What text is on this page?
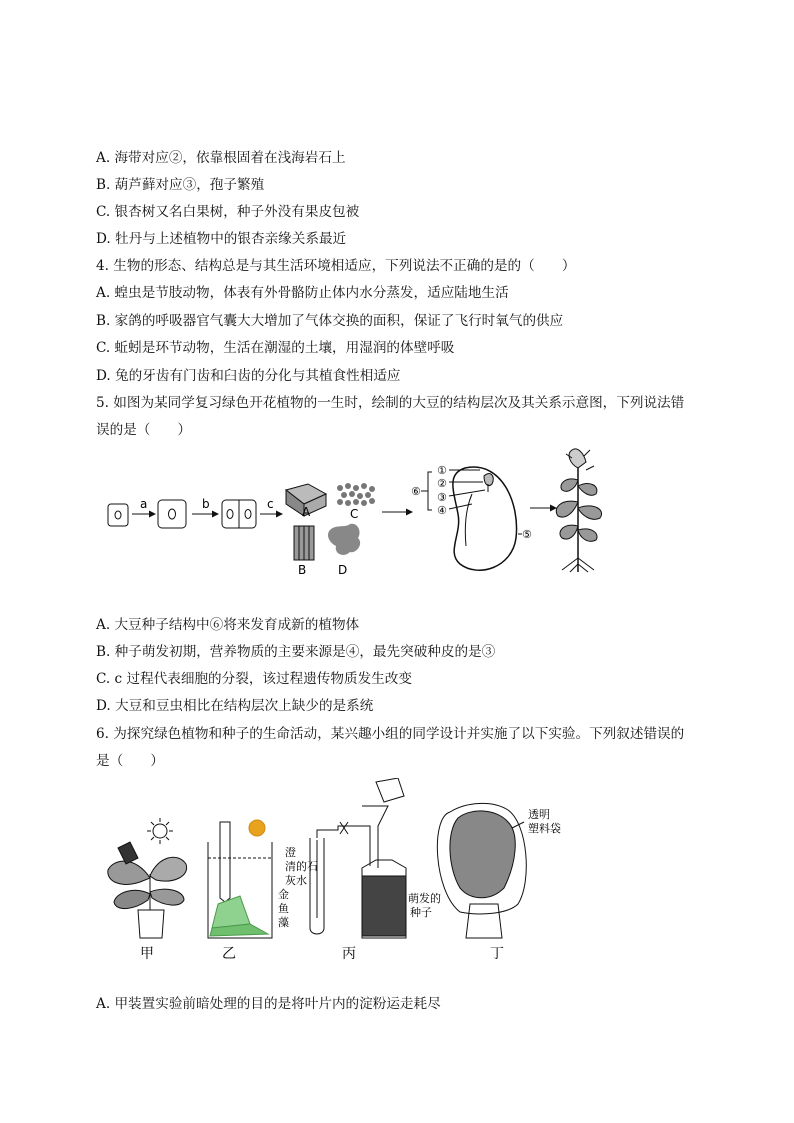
A. 海带对应②，依靠根固着在浅海岩石上
B. 葫芦藓对应③，孢子繁殖
C. 银杏树又名白果树，种子外没有果皮包被
D. 牡丹与上述植物中的银杏亲缘关系最近
4. 生物的形态、结构总是与其生活环境相适应，下列说法不正确的是的（　　）
A. 蝗虫是节肢动物，体表有外骨骼防止体内水分蒸发，适应陆地生活
B. 家鸽的呼吸器官气囊大大增加了气体交换的面积，保证了飞行时氧气的供应
C. 蚯蚓是环节动物，生活在潮湿的土壤，用湿润的体壁呼吸
D. 兔的牙齿有门齿和臼齿的分化与其植食性相适应
5. 如图为某同学复习绿色开花植物的一生时，绘制的大豆的结构层次及其关系示意图，下列说法错
误的是（　　）
a	b	c
A
B
C
D
①
②
③
④
⑤
⑥
A. 大豆种子结构中⑥将来发育成新的植物体
B. 种子萌发初期，营养物质的主要来源是④，最先突破种皮的是③
C. c 过程代表细胞的分裂，该过程遗传物质发生改变
D. 大豆和豆虫相比在结构层次上缺少的是系统
6. 为探究绿色植物和种子的生命活动，某兴趣小组的同学设计并实施了以下实验。下列叙述错误的
是（　　）
甲	乙	丙	丁
金
鱼
藻
澄
清的石
灰水
萌发的
种子
透明
塑料袋
A. 甲装置实验前暗处理的目的是将叶片内的淀粉运走耗尽
